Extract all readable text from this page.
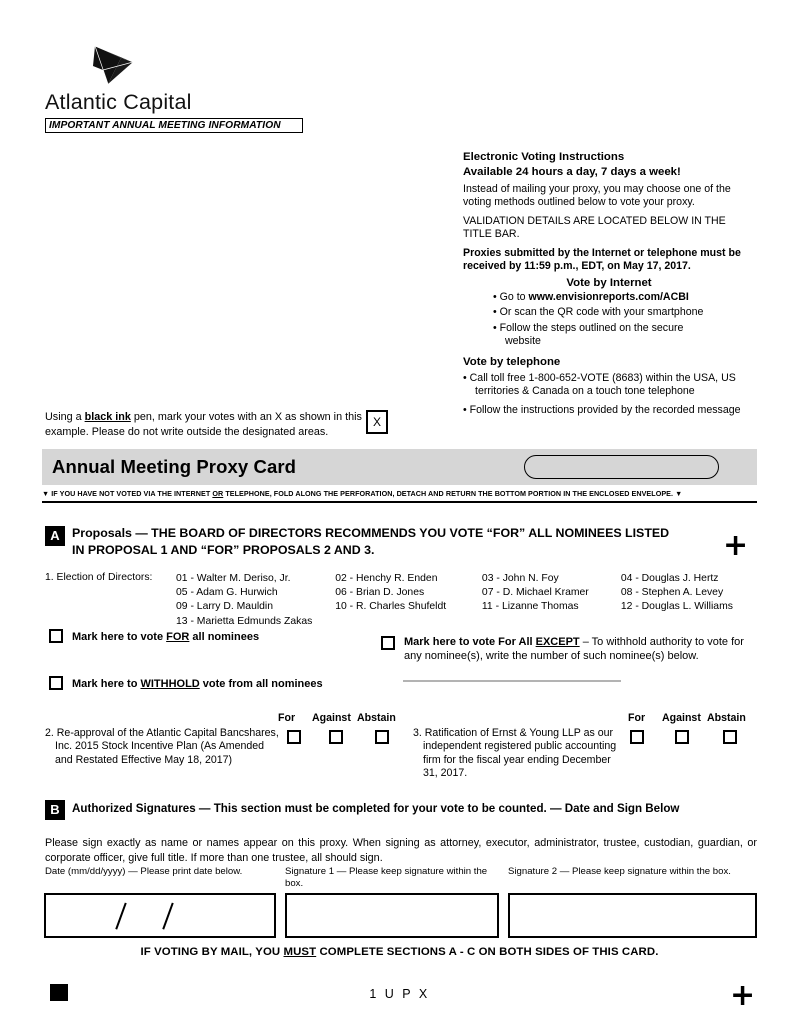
Atlantic Capital
IMPORTANT ANNUAL MEETING INFORMATION
Electronic Voting Instructions
Available 24 hours a day, 7 days a week!
Instead of mailing your proxy, you may choose one of the voting methods outlined below to vote your proxy.
VALIDATION DETAILS ARE LOCATED BELOW IN THE TITLE BAR.
Proxies submitted by the Internet or telephone must be received by 11:59 p.m., EDT, on May 17, 2017.
Vote by Internet
• Go to www.envisionreports.com/ACBI
• Or scan the QR code with your smartphone
• Follow the steps outlined on the secure
website
Vote by telephone
• Call toll free 1-800-652-VOTE (8683) within the USA, US
territories & Canada on a touch tone telephone
• Follow the instructions provided by the recorded message
Using a black ink pen, mark your votes with an X as shown in this example. Please do not write outside the designated areas.
X
Annual Meeting Proxy Card
▼ IF YOU HAVE NOT VOTED VIA THE INTERNET OR TELEPHONE, FOLD ALONG THE PERFORATION, DETACH AND RETURN THE BOTTOM PORTION IN THE ENCLOSED ENVELOPE. ▼
A Proposals — THE BOARD OF DIRECTORS RECOMMENDS YOU VOTE “FOR” ALL NOMINEES LISTED
IN PROPOSAL 1 AND “FOR” PROPOSALS 2 AND 3.	+
1. Election of Directors: 01 - Walter M. Deriso, Jr.	02 - Henchy R. Enden	03 - John N. Foy	04 - Douglas J. Hertz
05 - Adam G. Hurwich	06 - Brian D. Jones	07 - D. Michael Kramer	08 - Stephen A. Levey
09 - Larry D. Mauldin	10 - R. Charles Shufeldt	11 - Lizanne Thomas	12 - Douglas L. Williams
13 - Marietta Edmunds Zakas
Mark here to vote FOR all nominees
Mark here to WITHHOLD vote from all nominees
Mark here to vote For All EXCEPT – To withhold authority to vote for any nominee(s), write the number of such nominee(s) below.
For Against Abstain	For Against Abstain
2. Re-approval of the Atlantic Capital Bancshares, Inc. 2015 Stock Incentive Plan (As Amended and Restated Effective May 18, 2017)
3. Ratification of Ernst & Young LLP as our independent registered public accounting firm for the fiscal year ending December 31, 2017.
B	Authorized Signatures — This section must be completed for your vote to be counted. — Date and Sign Below
Please sign exactly as name or names appear on this proxy. When signing as attorney, executor, administrator, trustee, custodian, guardian, or corporate officer, give full title. If more than one trustee, all should sign.
Date (mm/dd/yyyy) — Please print date below.	Signature 1 — Please keep signature within the box.
Signature 2 — Please keep signature within the box.
IF VOTING BY MAIL, YOU MUST COMPLETE SECTIONS A - C ON BOTH SIDES OF THIS CARD.
1 U P X	+
